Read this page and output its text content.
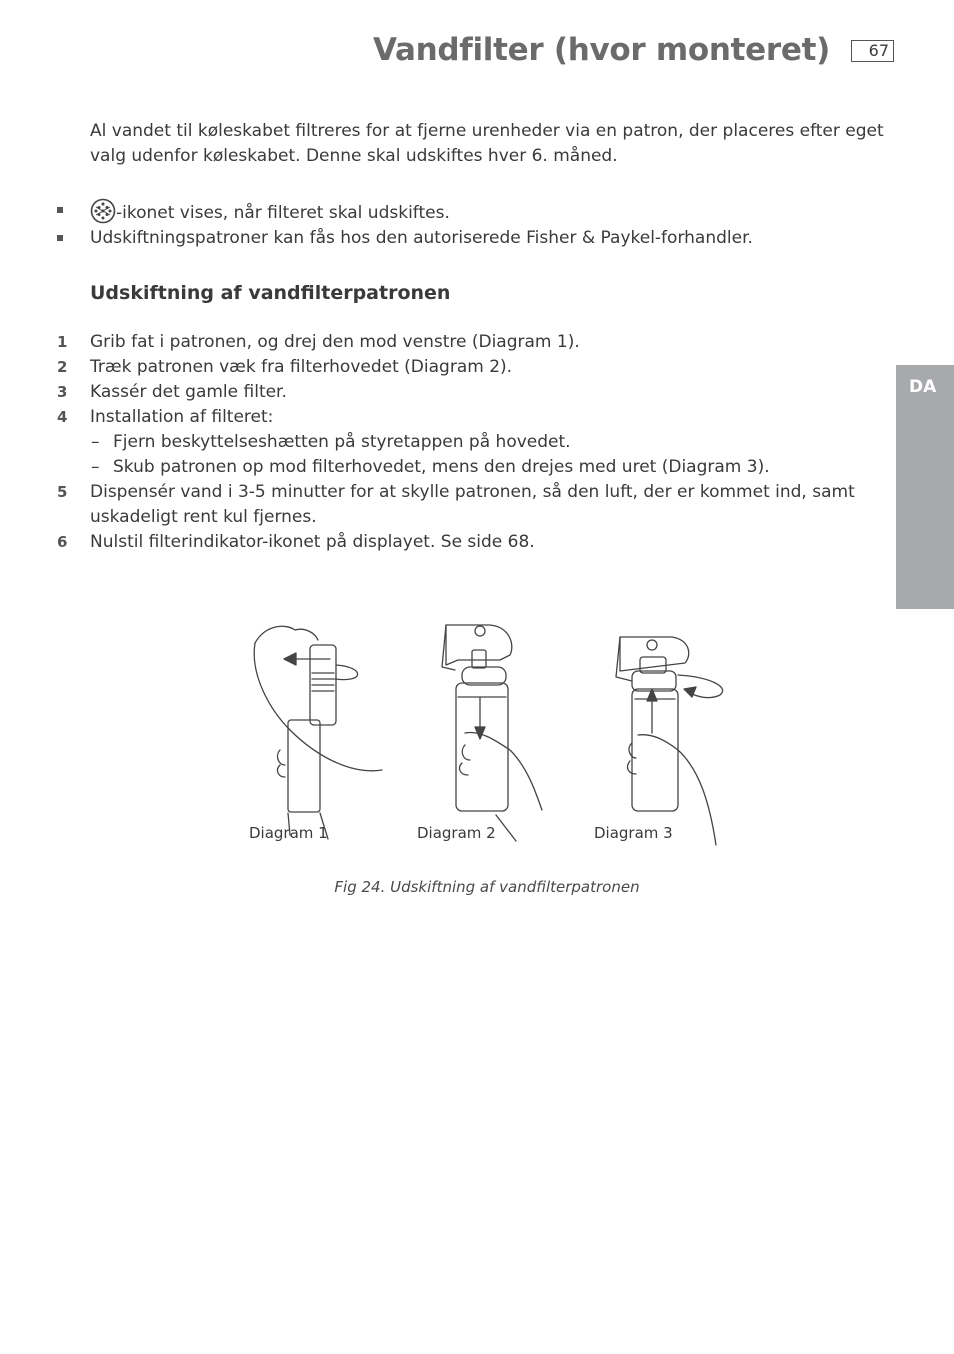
Vandfilter (hvor monteret)	67
DA
Al vandet til køleskabet filtreres for at fjerne urenheder via en patron, der placeres efter eget valg udenfor køleskabet. Denne skal udskiftes hver 6. måned.
-ikonet vises, når filteret skal udskiftes.
Udskiftningspatroner kan fås hos den autoriserede Fisher & Paykel-forhandler.
Udskiftning af vandfilterpatronen
1 Grib fat i patronen, og drej den mod venstre (Diagram 1).
2 Træk patronen væk fra filterhovedet (Diagram 2).
3 Kassér det gamle filter.
4 Installation af filteret:
– Fjern beskyttelseshætten på styretappen på hovedet.
– Skub patronen op mod filterhovedet, mens den drejes med uret (Diagram 3).
5 Dispensér vand i 3-5 minutter for at skylle patronen, så den luft, der er kommet ind, samt uskadeligt rent kul fjernes.
6 Nulstil filterindikator-ikonet på displayet. Se side 68.
Diagram 1	Diagram 2	Diagram 3
Fig 24. Udskiftning af vandfilterpatronen
